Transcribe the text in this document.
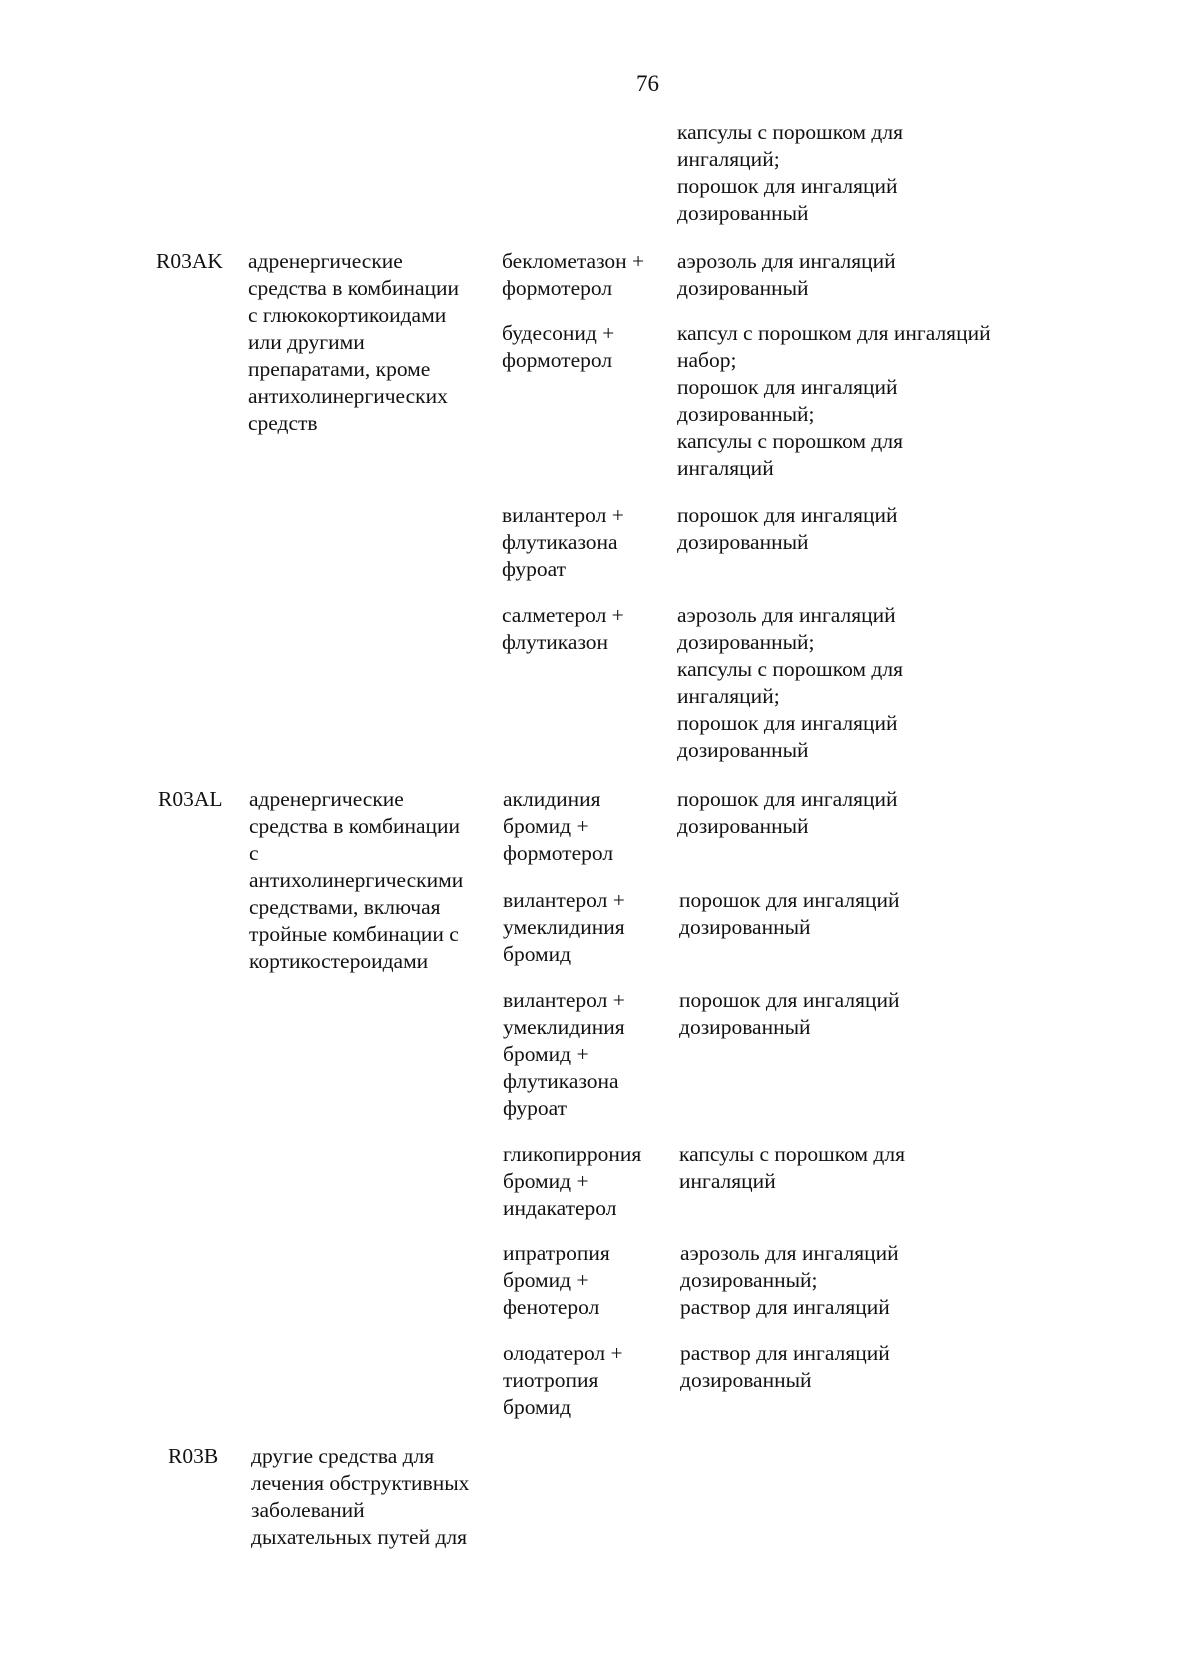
76
капсулы с порошком для
ингаляций;
порошок для ингаляций
дозированный
R03AK адренергические
средства в комбинации
с глюкокортикоидами
или другими
препаратами, кроме
антихолинергических
средств
беклометазон +
формотерол
аэрозоль для ингаляций
дозированный
будесонид +
формотерол
капсул с порошком для ингаляций
набор;
порошок для ингаляций
дозированный;
капсулы с порошком для
ингаляций
вилантерол +
флутиказона
фуроат
порошок для ингаляций
дозированный
салметерол +
флутиказон
аэрозоль для ингаляций
дозированный;
капсулы с порошком для
ингаляций;
порошок для ингаляций
дозированный
R03AL адренергические
средства в комбинации
с
антихолинергическими
средствами, включая
тройные комбинации с
кортикостероидами
аклидиния
бромид +
формотерол
порошок для ингаляций
дозированный
вилантерол +
умеклидиния
бромид
порошок для ингаляций
дозированный
вилантерол +
умеклидиния
бромид +
флутиказона
фуроат
порошок для ингаляций
дозированный
гликопиррония
бромид +
индакатерол
капсулы с порошком для
ингаляций
ипратропия
бромид +
фенотерол
аэрозоль для ингаляций
дозированный;
раствор для ингаляций
олодатерол +
тиотропия
бромид
раствор для ингаляций
дозированный
R03B другие средства для
лечения обструктивных
заболеваний
дыхательных путей для
